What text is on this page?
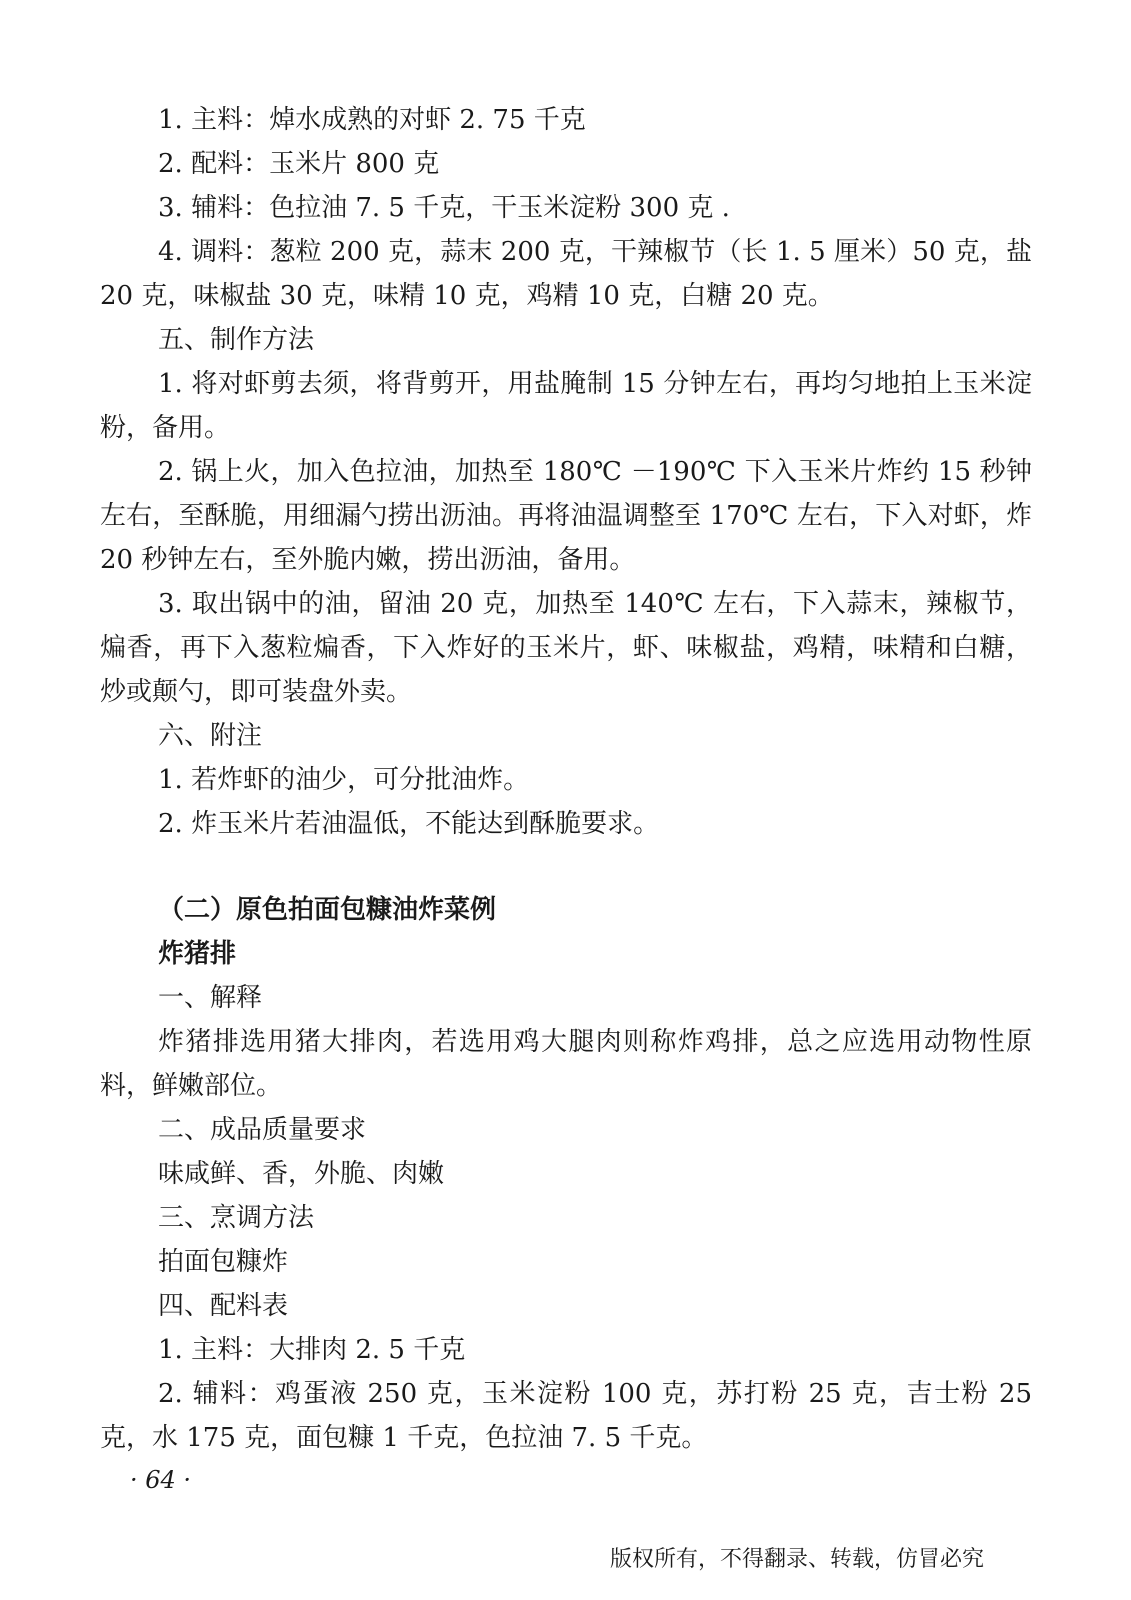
1. 主料：焯水成熟的对虾 2. 75 千克

2. 配料：玉米片 800 克

3. 辅料：色拉油 7. 5 千克，干玉米淀粉 300 克 .

4. 调料：葱粒 200 克，蒜末 200 克，干辣椒节（长 1. 5 厘米）50 克，盐 20 克，味椒盐 30 克，味精 10 克，鸡精 10 克，白糖 20 克。

五、制作方法

1. 将对虾剪去须，将背剪开，用盐腌制 15 分钟左右，再均匀地拍上玉米淀粉，备用。

2. 锅上火，加入色拉油，加热至 180℃ －190℃ 下入玉米片炸约 15 秒钟左右，至酥脆，用细漏勺捞出沥油。再将油温调整至 170℃ 左右，下入对虾，炸 20 秒钟左右，至外脆内嫩，捞出沥油，备用。

3. 取出锅中的油，留油 20 克，加热至 140℃ 左右，下入蒜末，辣椒节，煸香，再下入葱粒煸香，下入炸好的玉米片，虾、味椒盐，鸡精，味精和白糖，炒或颠勺，即可装盘外卖。

六、附注

1. 若炸虾的油少，可分批油炸。

2. 炸玉米片若油温低，不能达到酥脆要求。

（二）原色拍面包糠油炸菜例

炸猪排

一、解释

炸猪排选用猪大排肉，若选用鸡大腿肉则称炸鸡排，总之应选用动物性原料，鲜嫩部位。

二、成品质量要求

味咸鲜、香，外脆、肉嫩

三、烹调方法

拍面包糠炸

四、配料表

1. 主料：大排肉 2. 5 千克

2. 辅料：鸡蛋液 250 克，玉米淀粉 100 克，苏打粉 25 克，吉士粉 25 克，水 175 克，面包糠 1 千克，色拉油 7. 5 千克。

· 64 ·

版权所有，不得翻录、转载，仿冒必究
